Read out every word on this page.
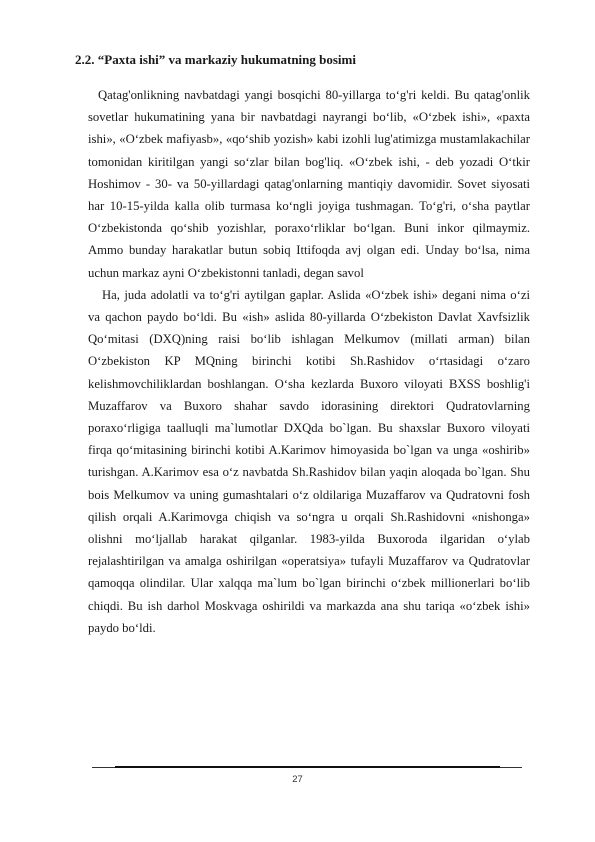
2.2. “Paxta ishi” va markaziy hukumatning bosimi

Qatag'onlikning navbatdagi yangi bosqichi 80-yillarga to‘g'ri keldi. Bu qatag'onlik sovetlar hukumatining yana bir navbatdagi nayrangi bo‘lib, «O‘zbek ishi», «paxta ishi», «O‘zbek mafiyasb», «qo‘shib yozish» kabi izohli lug'atimizga mustamlakachilar tomonidan kiritilgan yangi so‘zlar bilan bog'liq. «O‘zbek ishi, - deb yozadi O‘tkir Hoshimov - 30- va 50-yillardagi qatag'onlarning mantiqiy davomidir. Sovet siyosati har 10-15-yilda kalla olib turmasa ko‘ngli joyiga tushmagan. To‘g'ri, o‘sha paytlar O‘zbekistonda qo‘shib yozishlar, poraxo‘rliklar bo‘lgan. Buni inkor qilmaymiz. Ammo bunday harakatlar butun sobiq Ittifoqda avj olgan edi. Unday bo‘lsa, nima uchun markaz ayni O‘zbekistonni tanladi, degan savol

Ha, juda adolatli va to‘g'ri aytilgan gaplar. Aslida «O‘zbek ishi» degani nima o‘zi va qachon paydo bo‘ldi. Bu «ish» aslida 80-yillarda O‘zbekiston Davlat Xavfsizlik Qo‘mitasi (DXQ)ning raisi bo‘lib ishlagan Melkumov (millati arman) bilan O‘zbekiston KP MQning birinchi kotibi Sh.Rashidov o‘rtasidagi o‘zaro kelishmovchiliklardan boshlangan. O‘sha kezlarda Buxoro viloyati BXSS boshlig'i Muzaffarov va Buxoro shahar savdo idorasining direktori Qudratovlarning poraxo‘rligiga taalluqli ma`lumotlar DXQda bo`lgan. Bu shaxslar Buxoro viloyati firqa qo‘mitasining birinchi kotibi A.Karimov himoyasida bo`lgan va unga «oshirib» turishgan. A.Karimov esa o‘z navbatda Sh.Rashidov bilan yaqin aloqada bo`lgan. Shu bois Melkumov va uning gumashtalari o‘z oldilariga Muzaffarov va Qudratovni fosh qilish orqali A.Karimovga chiqish va so‘ngra u orqali Sh.Rashidovni «nishonga» olishni mo‘ljallab harakat qilganlar. 1983-yilda Buxoroda ilgaridan o‘ylab rejalashtirilgan va amalga oshirilgan «operatsiya» tufayli Muzaffarov va Qudratovlar qamoqqa olindilar. Ular xalqqa ma`lum bo`lgan birinchi o‘zbek millionerlari bo‘lib chiqdi. Bu ish darhol Moskvaga oshirildi va markazda ana shu tariqa «o‘zbek ishi» paydo bo‘ldi.

27
